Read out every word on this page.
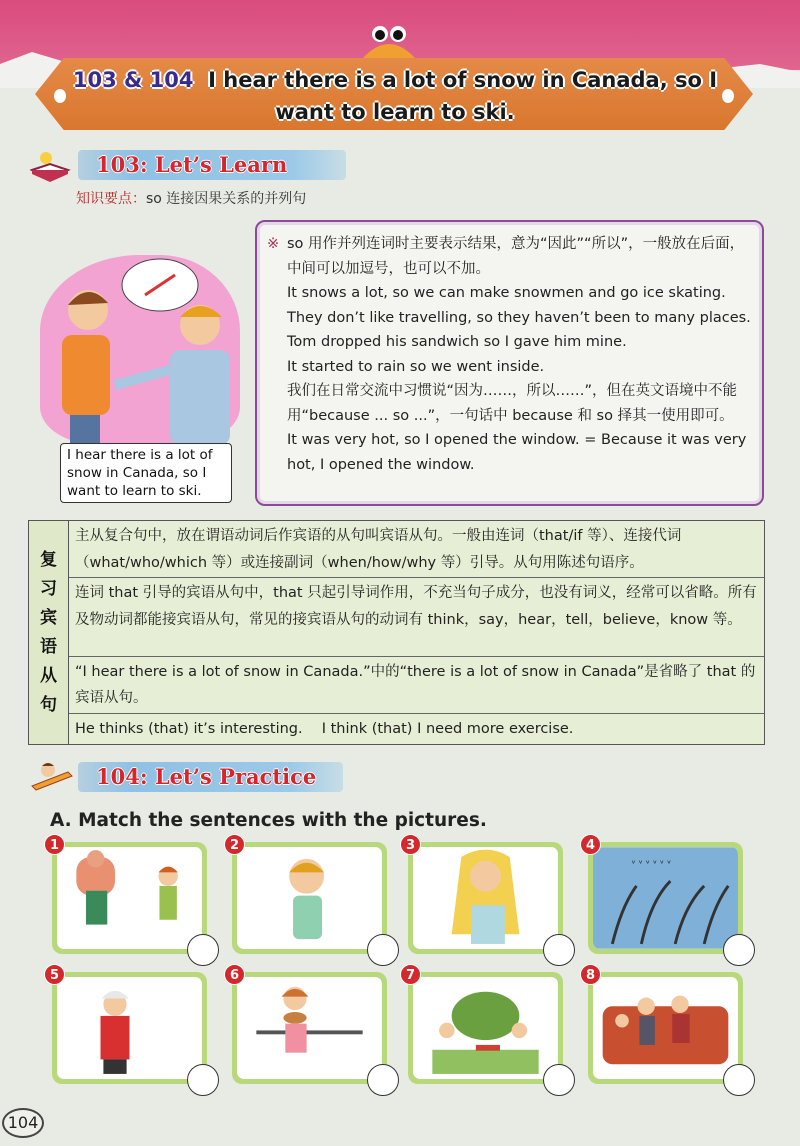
103 & 104 I hear there is a lot of snow in Canada, so I
want to learn to ski.
103: Let’s Learn
知识要点：so 连接因果关系的并列句
I hear there is a lot of snow in Canada, so I want to learn to ski.
※ so 用作并列连词时主要表示结果，意为“因此”“所以”，一般放在后面，中间可以加逗号，也可以不加。
It snows a lot, so we can make snowmen and go ice skating.
They don’t like travelling, so they haven’t been to many places.
Tom dropped his sandwich so I gave him mine.
It started to rain so we went inside.
我们在日常交流中习惯说“因为……，所以……”，但在英文语境中不能用“because ... so ...”，一句话中 because 和 so 择其一使用即可。
It was very hot, so I opened the window. = Because it was very hot, I opened the window.
复
习
宾
语
从
句
主从复合句中，放在谓语动词后作宾语的从句叫宾语从句。一般由连词（that/if 等）、连接代词（what/who/which 等）或连接副词（when/how/why 等）引导。从句用陈述句语序。
连词 that 引导的宾语从句中，that 只起引导词作用，不充当句子成分，也没有词义，经常可以省略。所有及物动词都能接宾语从句，常见的接宾语从句的动词有 think，say，hear，tell，believe，know 等。
“I hear there is a lot of snow in Canada.”中的“there is a lot of snow in Canada”是省略了 that 的宾语从句。
He thinks (that) it’s interesting.　 I think (that) I need more exercise.
104: Let’s Practice
A. Match the sentences with the pictures.
1	2	3
ᵛ ᵛ ᵛ ᵛ ᵛ ᵛ
4
5	6	7	8
104
